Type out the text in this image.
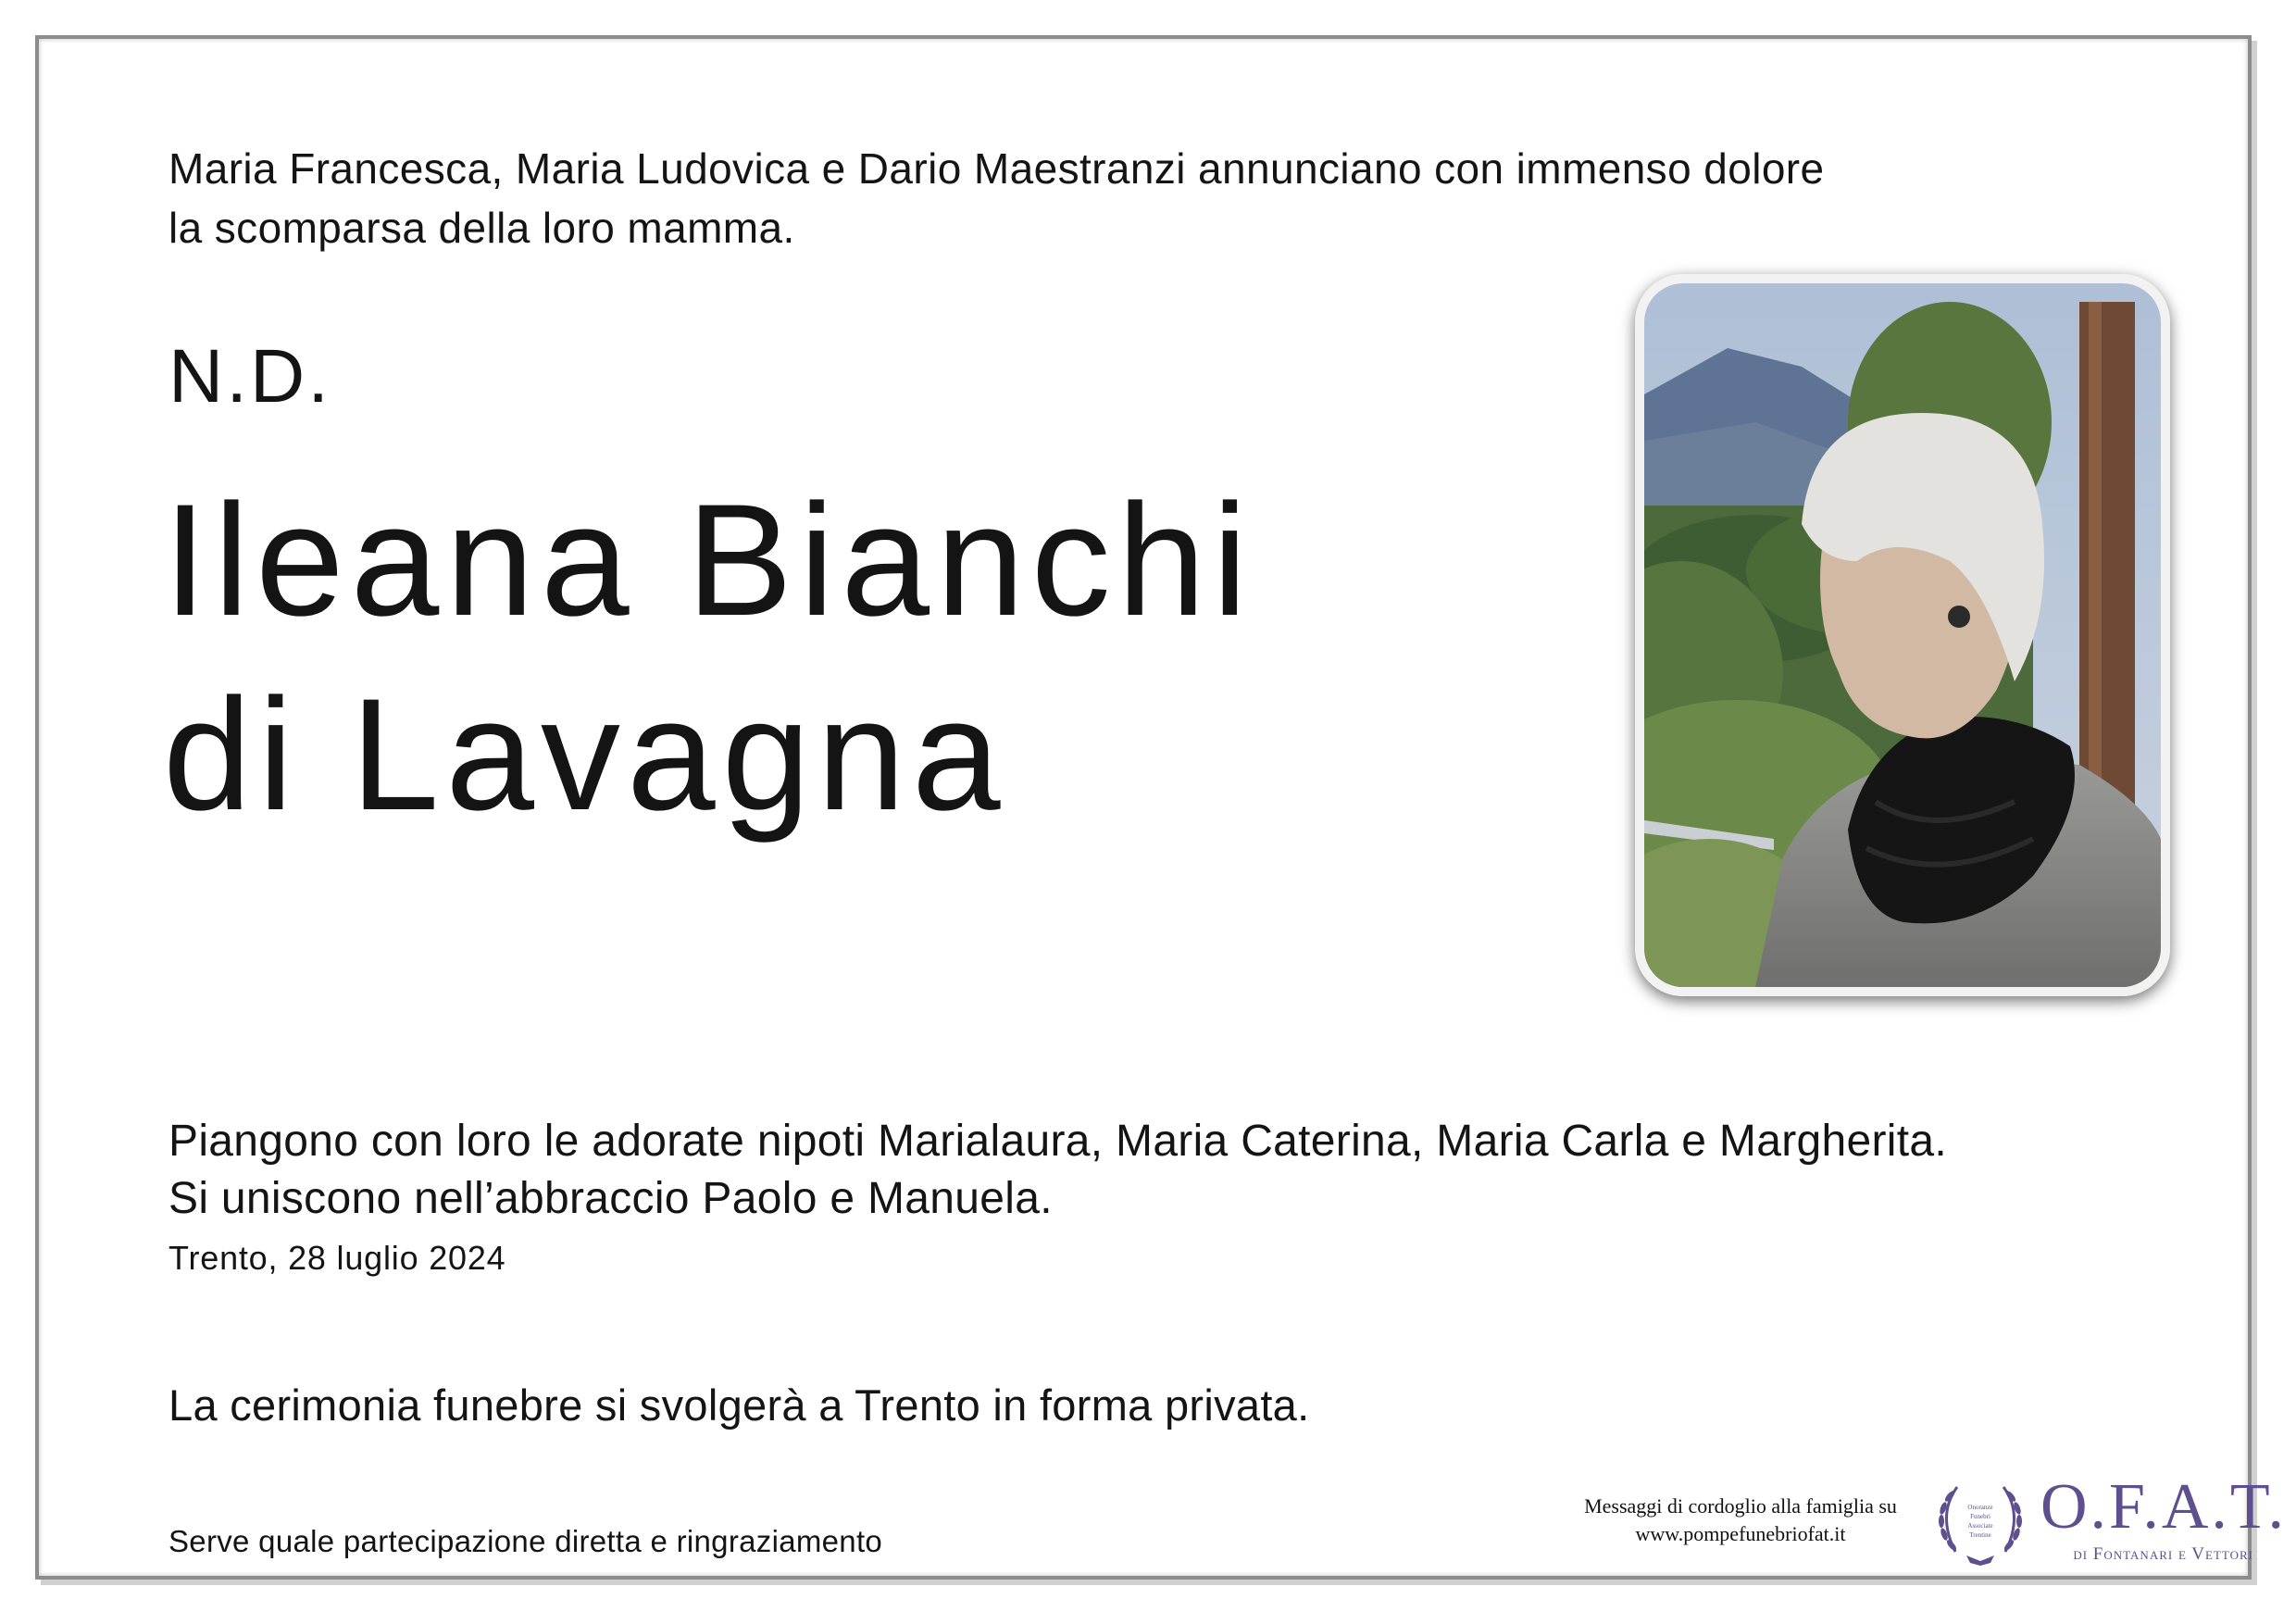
Maria Francesca, Maria Ludovica e Dario Maestranzi annunciano con immenso dolore
la scomparsa della loro mamma.
N.D.
Ileana Bianchi
di Lavagna
Piangono con loro le adorate nipoti Marialaura, Maria Caterina, Maria Carla e Margherita.
Si uniscono nell’abbraccio Paolo e Manuela.
Trento, 28 luglio 2024
La cerimonia funebre si svolgerà a Trento in forma privata.
Serve quale partecipazione diretta e ringraziamento
Messaggi di cordoglio alla famiglia su
www.pompefunebriofat.it
Onoranze
Funebri
Associate
Trentine O.F.A.T.
di Fontanari e Vettori
